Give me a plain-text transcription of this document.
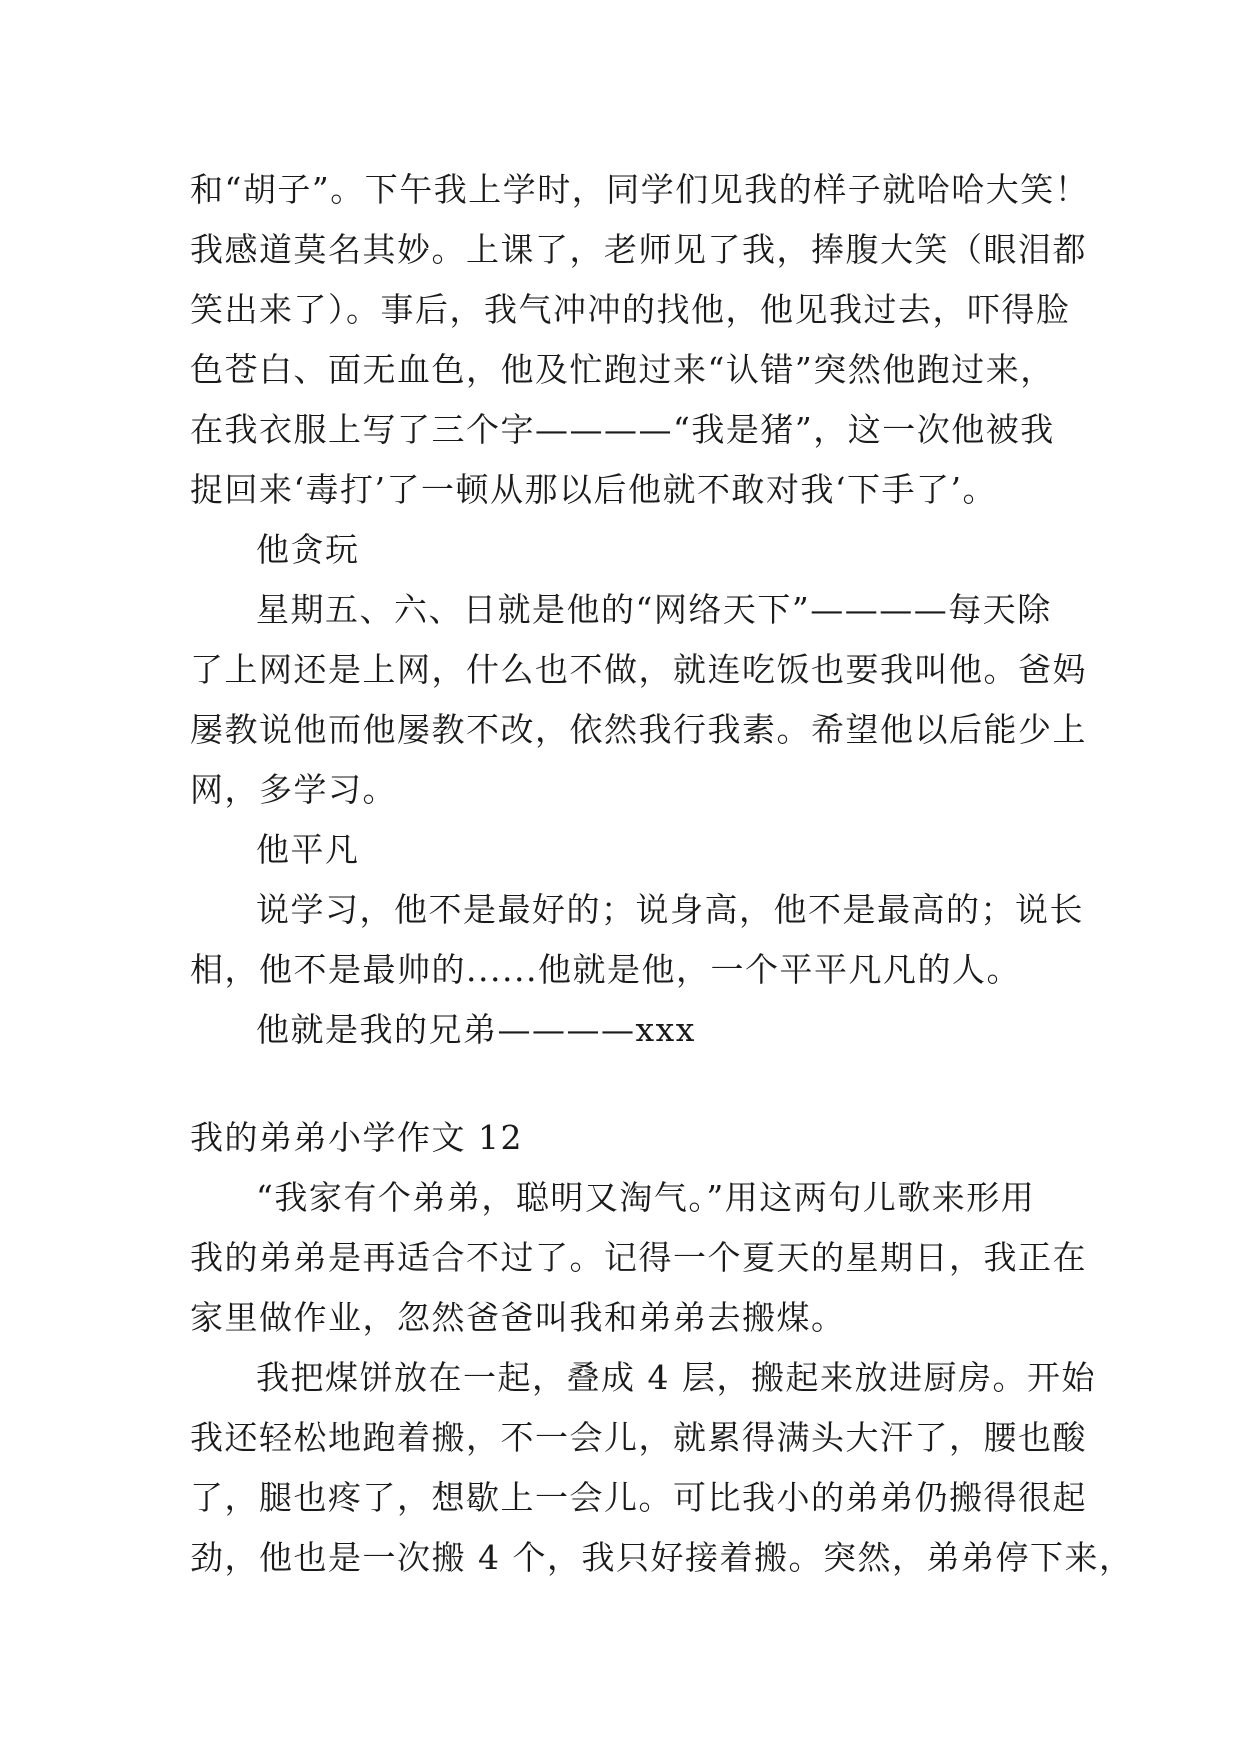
和“胡子”。下午我上学时，同学们见我的样子就哈哈大笑！
我感道莫名其妙。上课了，老师见了我，捧腹大笑（眼泪都
笑出来了）。事后，我气冲冲的找他，他见我过去，吓得脸
色苍白、面无血色，他及忙跑过来“认错”突然他跑过来，
在我衣服上写了三个字————“我是猪”，这一次他被我
捉回来‘毒打’了一顿从那以后他就不敢对我‘下手了’。
他贪玩
星期五、六、日就是他的“网络天下”————每天除
了上网还是上网，什么也不做，就连吃饭也要我叫他。爸妈
屡教说他而他屡教不改，依然我行我素。希望他以后能少上
网，多学习。
他平凡
说学习，他不是最好的；说身高，他不是最高的；说长
相，他不是最帅的......他就是他，一个平平凡凡的人。
他就是我的兄弟————xxx
我的弟弟小学作文 12
“我家有个弟弟，聪明又淘气。”用这两句儿歌来形用
我的弟弟是再适合不过了。记得一个夏天的星期日，我正在
家里做作业，忽然爸爸叫我和弟弟去搬煤。
我把煤饼放在一起，叠成 4 层，搬起来放进厨房。开始
我还轻松地跑着搬，不一会儿，就累得满头大汗了，腰也酸
了，腿也疼了，想歇上一会儿。可比我小的弟弟仍搬得很起
劲，他也是一次搬 4 个，我只好接着搬。突然，弟弟停下来，
